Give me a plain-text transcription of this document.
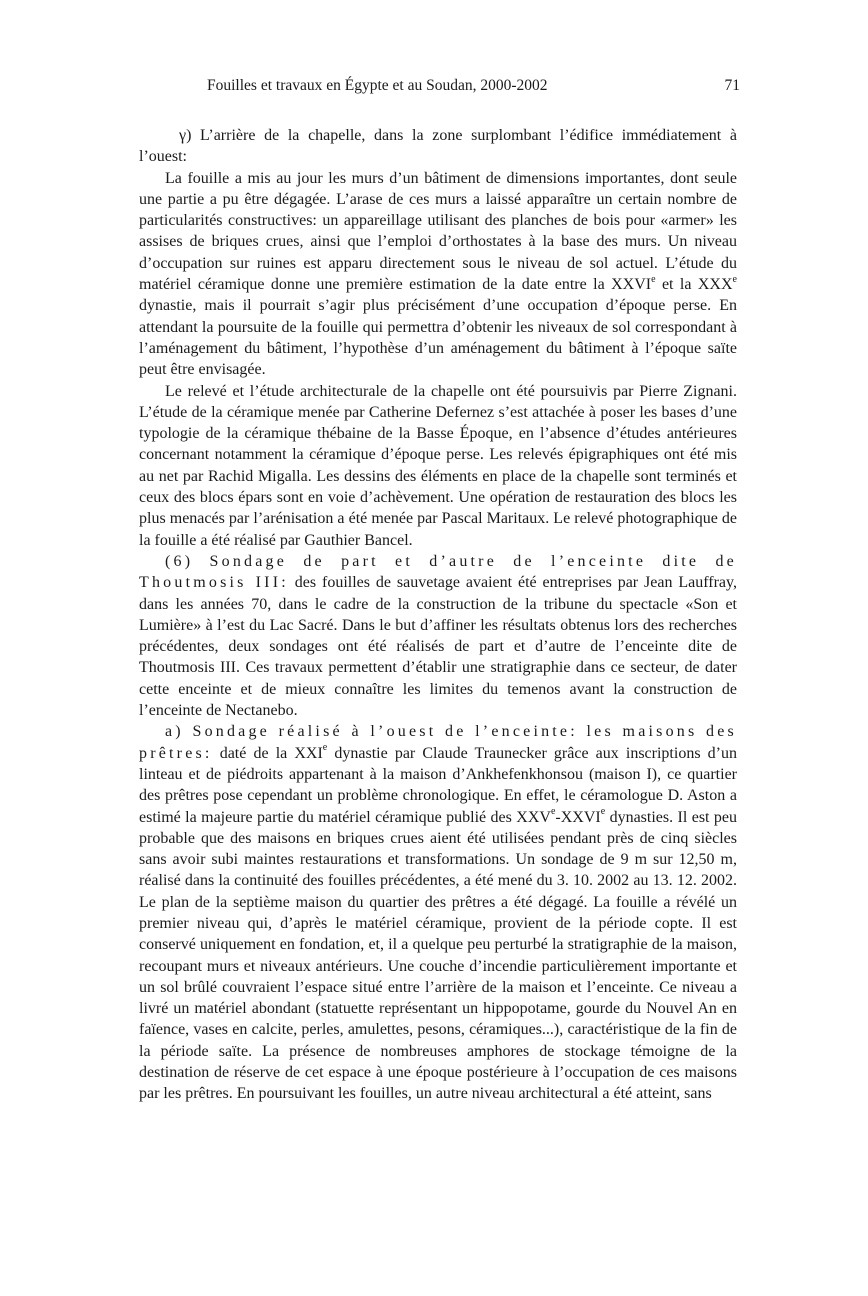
Fouilles et travaux en Égypte et au Soudan, 2000-2002	71

γ) L’arrière de la chapelle, dans la zone surplombant l’édifice immédiatement à l’ouest:

La fouille a mis au jour les murs d’un bâtiment de dimensions importantes, dont seule une partie a pu être dégagée. L’arase de ces murs a laissé apparaître un certain nombre de particularités constructives: un appareillage utilisant des planches de bois pour «armer» les assises de briques crues, ainsi que l’emploi d’orthostates à la base des murs. Un niveau d’occupation sur ruines est apparu directement sous le niveau de sol actuel. L’étude du matériel céramique donne une première estimation de la date entre la XXVIe et la XXXe dynastie, mais il pourrait s’agir plus précisément d’une occupation d’époque perse. En attendant la poursuite de la fouille qui permettra d’obtenir les niveaux de sol correspondant à l’aménagement du bâtiment, l’hypothèse d’un aménagement du bâtiment à l’époque saïte peut être envisagée.

Le relevé et l’étude architecturale de la chapelle ont été poursuivis par Pierre Zignani. L’étude de la céramique menée par Catherine Defernez s’est attachée à poser les bases d’une typologie de la céramique thébaine de la Basse Époque, en l’absence d’études antérieures concernant notamment la céramique d’époque perse. Les relevés épigraphiques ont été mis au net par Rachid Migalla. Les dessins des éléments en place de la chapelle sont terminés et ceux des blocs épars sont en voie d’achèvement. Une opération de restauration des blocs les plus menacés par l’arénisation a été menée par Pascal Maritaux. Le relevé photographique de la fouille a été réalisé par Gauthier Bancel.

(6) Sondage de part et d’autre de l’enceinte dite de Thoutmosis III: des fouilles de sauvetage avaient été entreprises par Jean Lauffray, dans les années 70, dans le cadre de la construction de la tribune du spectacle «Son et Lumière» à l’est du Lac Sacré. Dans le but d’affiner les résultats obtenus lors des recherches précédentes, deux sondages ont été réalisés de part et d’autre de l’enceinte dite de Thoutmosis III. Ces travaux permettent d’établir une stratigraphie dans ce secteur, de dater cette enceinte et de mieux connaître les limites du temenos avant la construction de l’enceinte de Nectanebo.

a) Sondage réalisé à l’ouest de l’enceinte: les maisons des prêtres: daté de la XXIe dynastie par Claude Traunecker grâce aux inscriptions d’un linteau et de piédroits appartenant à la maison d’Ankhefenkhonsou (maison I), ce quartier des prêtres pose cependant un problème chronologique. En effet, le céramologue D. Aston a estimé la majeure partie du matériel céramique publié des XXVe-XXVIe dynasties. Il est peu probable que des maisons en briques crues aient été utilisées pendant près de cinq siècles sans avoir subi maintes restaurations et transformations. Un sondage de 9 m sur 12,50 m, réalisé dans la continuité des fouilles précédentes, a été mené du 3. 10. 2002 au 13. 12. 2002. Le plan de la septième maison du quartier des prêtres a été dégagé. La fouille a révélé un premier niveau qui, d’après le matériel céramique, provient de la période copte. Il est conservé uniquement en fondation, et, il a quelque peu perturbé la stratigraphie de la maison, recoupant murs et niveaux antérieurs. Une couche d’incendie particulièrement importante et un sol brûlé couvraient l’espace situé entre l’arrière de la maison et l’enceinte. Ce niveau a livré un matériel abondant (statuette représentant un hippopotame, gourde du Nouvel An en faïence, vases en calcite, perles, amulettes, pesons, céramiques...), caractéristique de la fin de la période saïte. La présence de nombreuses amphores de stockage témoigne de la destination de réserve de cet espace à une époque postérieure à l’occupation de ces maisons par les prêtres. En poursuivant les fouilles, un autre niveau architectural a été atteint, sans
